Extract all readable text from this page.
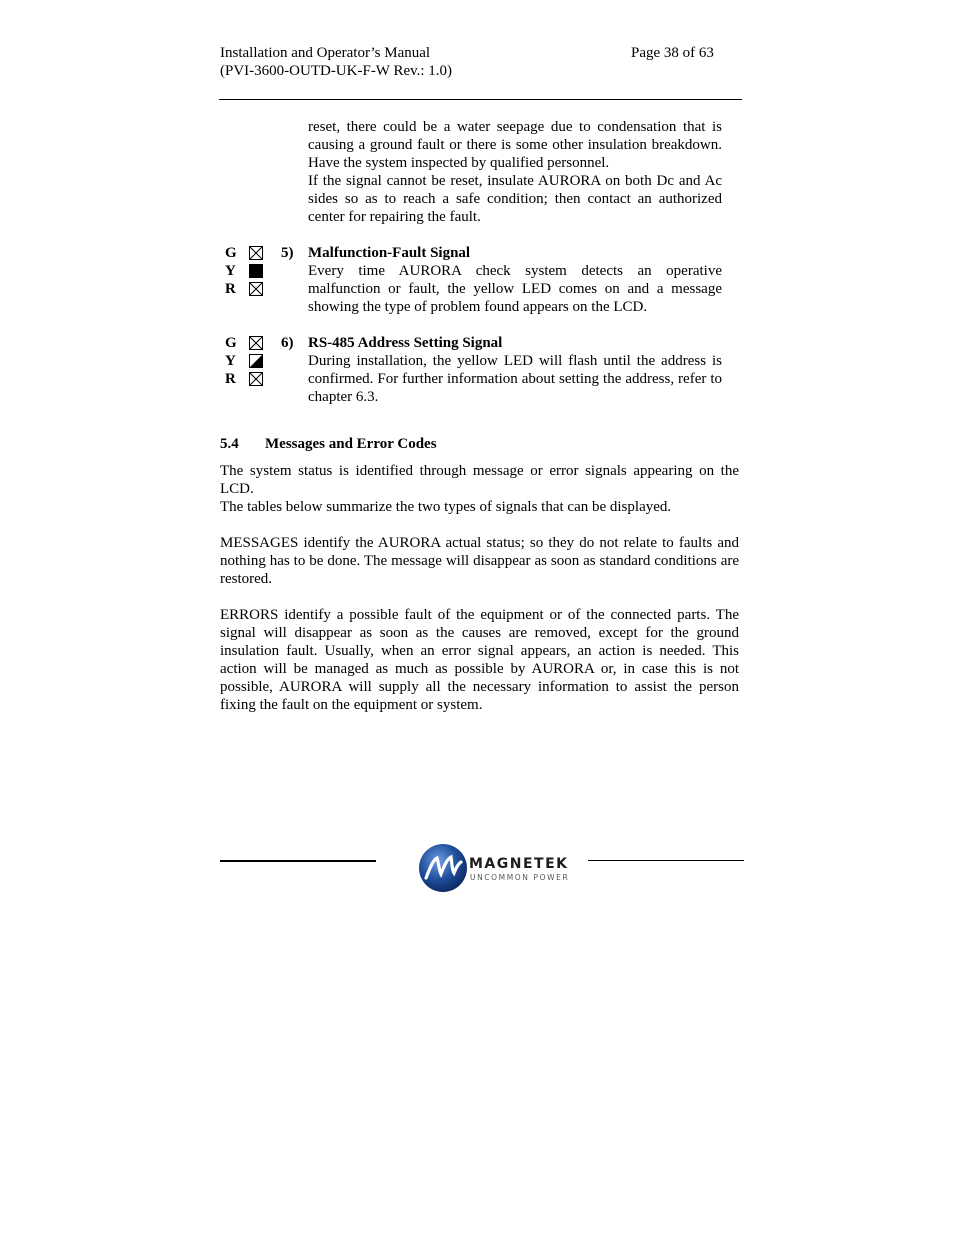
Installation and Operator’s Manual
(PVI-3600-OUTD-UK-F-W Rev.: 1.0)
Page 38 of 63

reset, there could be a water seepage due to condensation that is causing a ground fault or there is some other insulation breakdown. Have the system inspected by qualified personnel.

If the signal cannot be reset, insulate AURORA on both Dc and Ac sides so as to reach a safe condition; then contact an authorized center for repairing the fault.

G
Y
R
5) Malfunction-Fault Signal

Every time AURORA check system detects an operative malfunction or fault, the yellow LED comes on and a message showing the type of problem found appears on the LCD.

G
Y
R
6) RS-485 Address Setting Signal

During installation, the yellow LED will flash until the address is confirmed. For further information about setting the address, refer to chapter 6.3.

5.4 Messages and Error Codes

The system status is identified through message or error signals appearing on the LCD.

The tables below summarize the two types of signals that can be displayed.

MESSAGES identify the AURORA actual status; so they do not relate to faults and nothing has to be done. The message will disappear as soon as standard conditions are restored.

ERRORS identify a possible fault of the equipment or of the connected parts. The signal will disappear as soon as the causes are removed, except for the ground insulation fault. Usually, when an error signal appears, an action is needed. This action will be managed as much as possible by AURORA or, in case this is not possible, AURORA will supply all the necessary information to assist the person fixing the fault on the equipment or system.

MAGNETEK
UNCOMMON POWER
